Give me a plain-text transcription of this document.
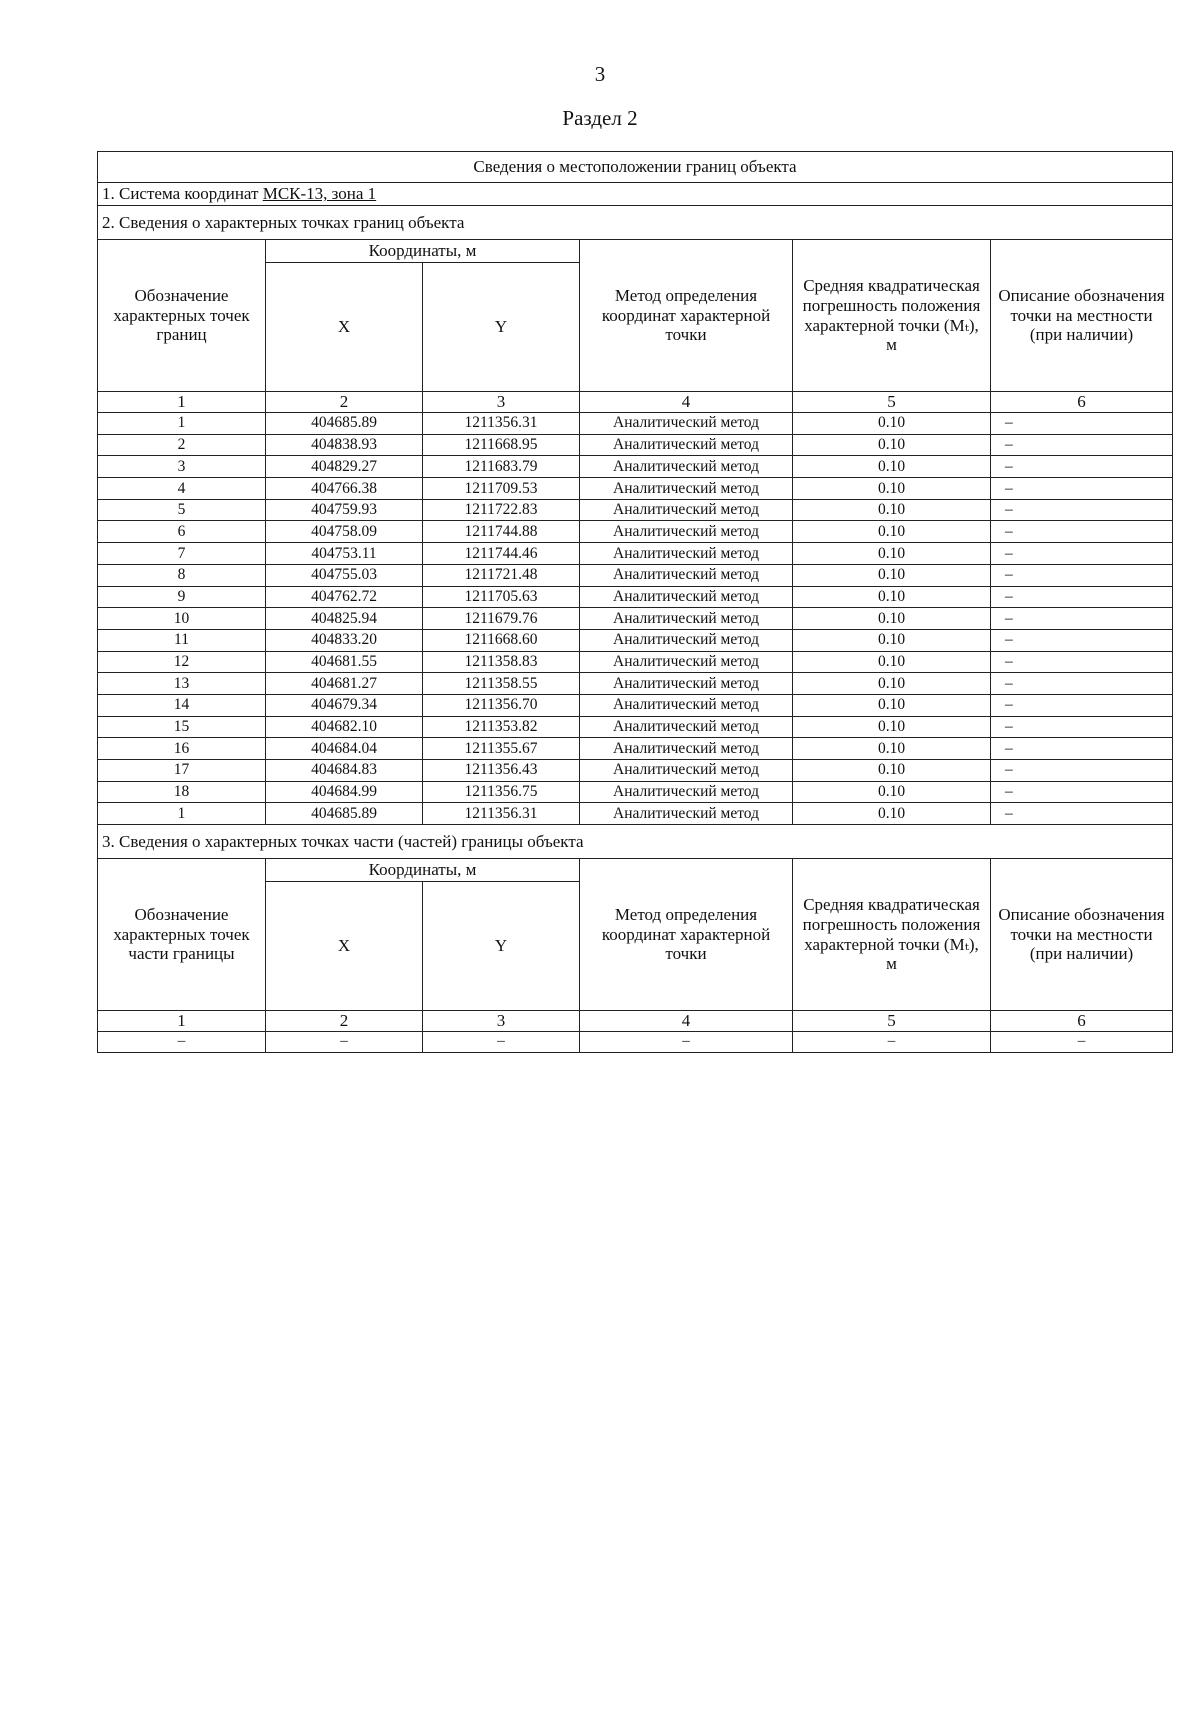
3
Раздел 2
Сведения о местоположении границ объекта					
1. Система координат МСК-13, зона 1					
2. Сведения о характерных точках границ объекта					
Обозначение характерных точек границ	Координаты, м		Метод определения координат характерной точки	Средняя квадратическая погрешность положения характерной точки (Mₜ), м	Описание обозначения точки на местности (при наличии)
	X	Y			
1	2	3	4	5	6
1	404685.89	1211356.31	Аналитический метод	0.10	–
2	404838.93	1211668.95	Аналитический метод	0.10	–
3	404829.27	1211683.79	Аналитический метод	0.10	–
4	404766.38	1211709.53	Аналитический метод	0.10	–
5	404759.93	1211722.83	Аналитический метод	0.10	–
6	404758.09	1211744.88	Аналитический метод	0.10	–
7	404753.11	1211744.46	Аналитический метод	0.10	–
8	404755.03	1211721.48	Аналитический метод	0.10	–
9	404762.72	1211705.63	Аналитический метод	0.10	–
10	404825.94	1211679.76	Аналитический метод	0.10	–
11	404833.20	1211668.60	Аналитический метод	0.10	–
12	404681.55	1211358.83	Аналитический метод	0.10	–
13	404681.27	1211358.55	Аналитический метод	0.10	–
14	404679.34	1211356.70	Аналитический метод	0.10	–
15	404682.10	1211353.82	Аналитический метод	0.10	–
16	404684.04	1211355.67	Аналитический метод	0.10	–
17	404684.83	1211356.43	Аналитический метод	0.10	–
18	404684.99	1211356.75	Аналитический метод	0.10	–
1	404685.89	1211356.31	Аналитический метод	0.10	–
3. Сведения о характерных точках части (частей) границы объекта					
Обозначение характерных точек части границы	Координаты, м		Метод определения координат характерной точки	Средняя квадратическая погрешность положения характерной точки (Mₜ), м	Описание обозначения точки на местности (при наличии)
	X	Y			
1	2	3	4	5	6
–	–	–	–	–	–
